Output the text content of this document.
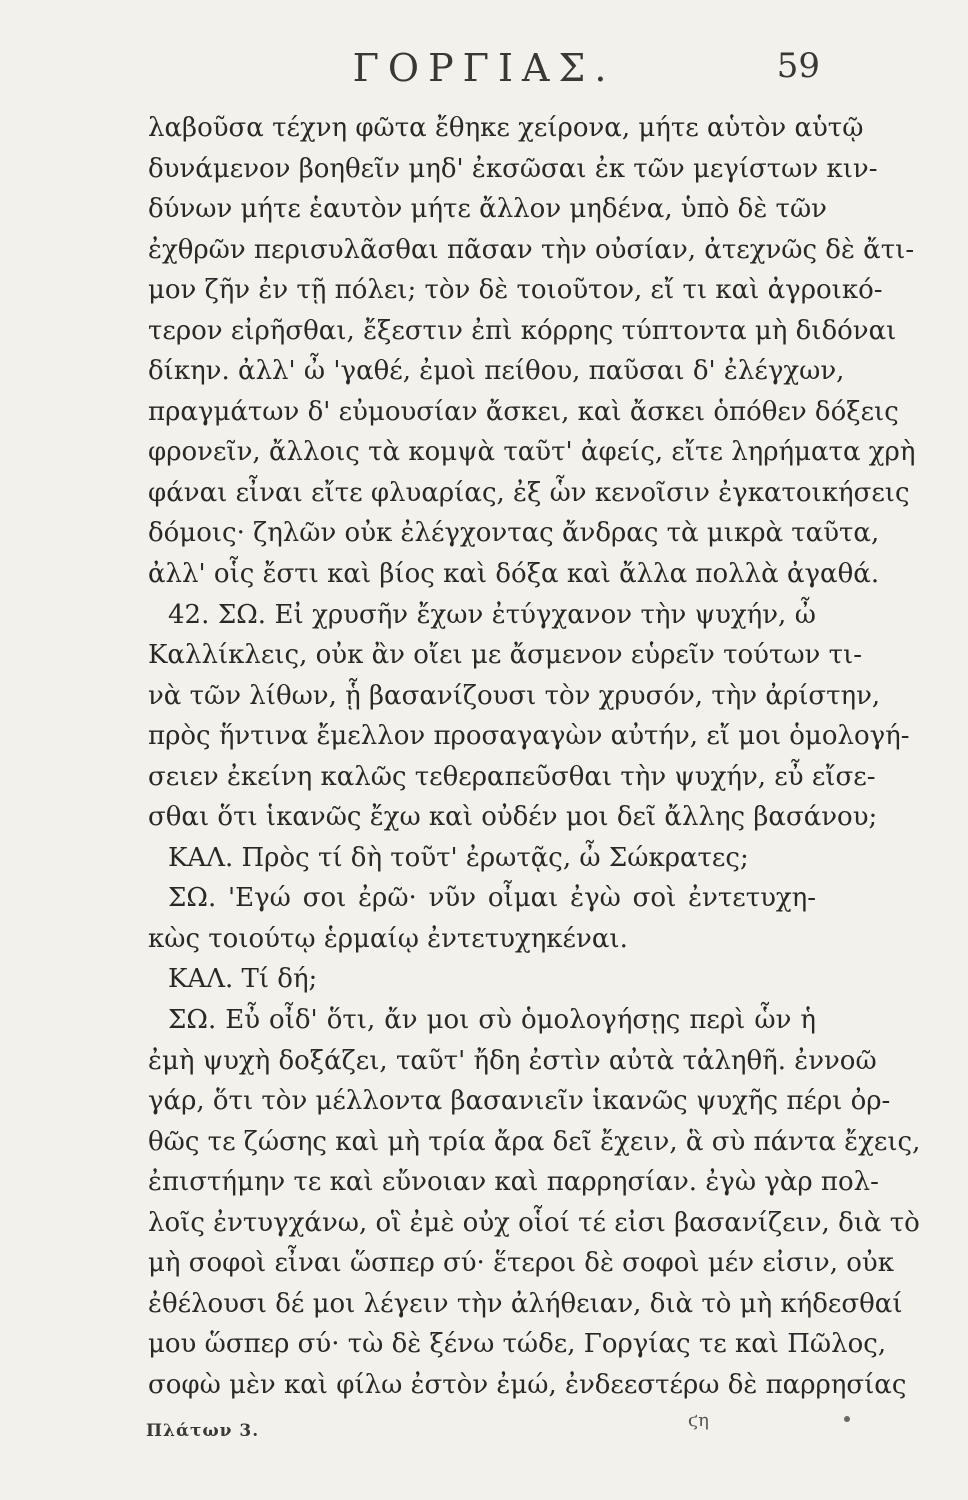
ΓΟΡΓΙΑΣ.	59
λαβοῦσα τέχνη φῶτα ἔθηκε χείρονα, μήτε αὑτὸν αὑτῷ
δυνάμενον βοηθεῖν μηδ' ἐκσῶσαι ἐκ τῶν μεγίστων κιν-
δύνων μήτε ἑαυτὸν μήτε ἄλλον μηδένα, ὑπὸ δὲ τῶν
ἐχθρῶν περισυλᾶσθαι πᾶσαν τὴν οὐσίαν, ἀτεχνῶς δὲ ἄτι-
μον ζῆν ἐν τῇ πόλει; τὸν δὲ τοιοῦτον, εἴ τι καὶ ἀγροικό-
τερον εἰρῆσθαι, ἔξεστιν ἐπὶ κόρρης τύπτοντα μὴ διδόναι
δίκην. ἀλλ' ὦ 'γαθέ, ἐμοὶ πείθου, παῦσαι δ' ἐλέγχων,
πραγμάτων δ' εὐμουσίαν ἄσκει, καὶ ἄσκει ὁπόθεν δόξεις
φρονεῖν, ἄλλοις τὰ κομψὰ ταῦτ' ἀφείς, εἴτε ληρήματα χρὴ
φάναι εἶναι εἴτε φλυαρίας, ἐξ ὧν κενοῖσιν ἐγκατοικήσεις
δόμοις· ζηλῶν οὐκ ἐλέγχοντας ἄνδρας τὰ μικρὰ ταῦτα,
ἀλλ' οἷς ἔστι καὶ βίος καὶ δόξα καὶ ἄλλα πολλὰ ἀγαθά.
42. ΣΩ. Εἰ χρυσῆν ἔχων ἐτύγχανον τὴν ψυχήν, ὦ
Καλλίκλεις, οὐκ ἂν οἴει με ἄσμενον εὑρεῖν τούτων τι-
νὰ τῶν λίθων, ᾗ βασανίζουσι τὸν χρυσόν, τὴν ἀρίστην,
πρὸς ἥντινα ἔμελλον προσαγαγὼν αὐτήν, εἴ μοι ὁμολογή-
σειεν ἐκείνη καλῶς τεθεραπεῦσθαι τὴν ψυχήν, εὖ εἴσε-
σθαι ὅτι ἱκανῶς ἔχω καὶ οὐδέν μοι δεῖ ἄλλης βασάνου;
ΚΑΛ. Πρὸς τί δὴ τοῦτ' ἐρωτᾷς, ὦ Σώκρατες;
ΣΩ. 'Εγώ σοι ἐρῶ· νῦν οἶμαι ἐγὼ σοὶ ἐντετυχη-
κὼς τοιούτῳ ἑρμαίῳ ἐντετυχηκέναι.
ΚΑΛ. Τί δή;
ΣΩ. Εὖ οἶδ' ὅτι, ἄν μοι σὺ ὁμολογήσῃς περὶ ὧν ἡ
ἐμὴ ψυχὴ δοξάζει, ταῦτ' ἤδη ἐστὶν αὐτὰ τἀληθῆ. ἐννοῶ
γάρ, ὅτι τὸν μέλλοντα βασανιεῖν ἱκανῶς ψυχῆς πέρι ὀρ-
θῶς τε ζώσης καὶ μὴ τρία ἄρα δεῖ ἔχειν, ἃ σὺ πάντα ἔχεις,
ἐπιστήμην τε καὶ εὔνοιαν καὶ παρρησίαν. ἐγὼ γὰρ πολ-
λοῖς ἐντυγχάνω, οἳ ἐμὲ οὐχ οἷοί τέ εἰσι βασανίζειν, διὰ τὸ
μὴ σοφοὶ εἶναι ὥσπερ σύ· ἕτεροι δὲ σοφοὶ μέν εἰσιν, οὐκ
ἐθέλουσι δέ μοι λέγειν τὴν ἀλήθειαν, διὰ τὸ μὴ κήδεσθαί
μου ὥσπερ σύ· τὼ δὲ ξένω τώδε, Γοργίας τε καὶ Πῶλος,
σοφὼ μὲν καὶ φίλω ἐστὸν ἐμώ, ἐνδεεστέρω δὲ παρρησίας
Πλάτων 3.	ϛη
